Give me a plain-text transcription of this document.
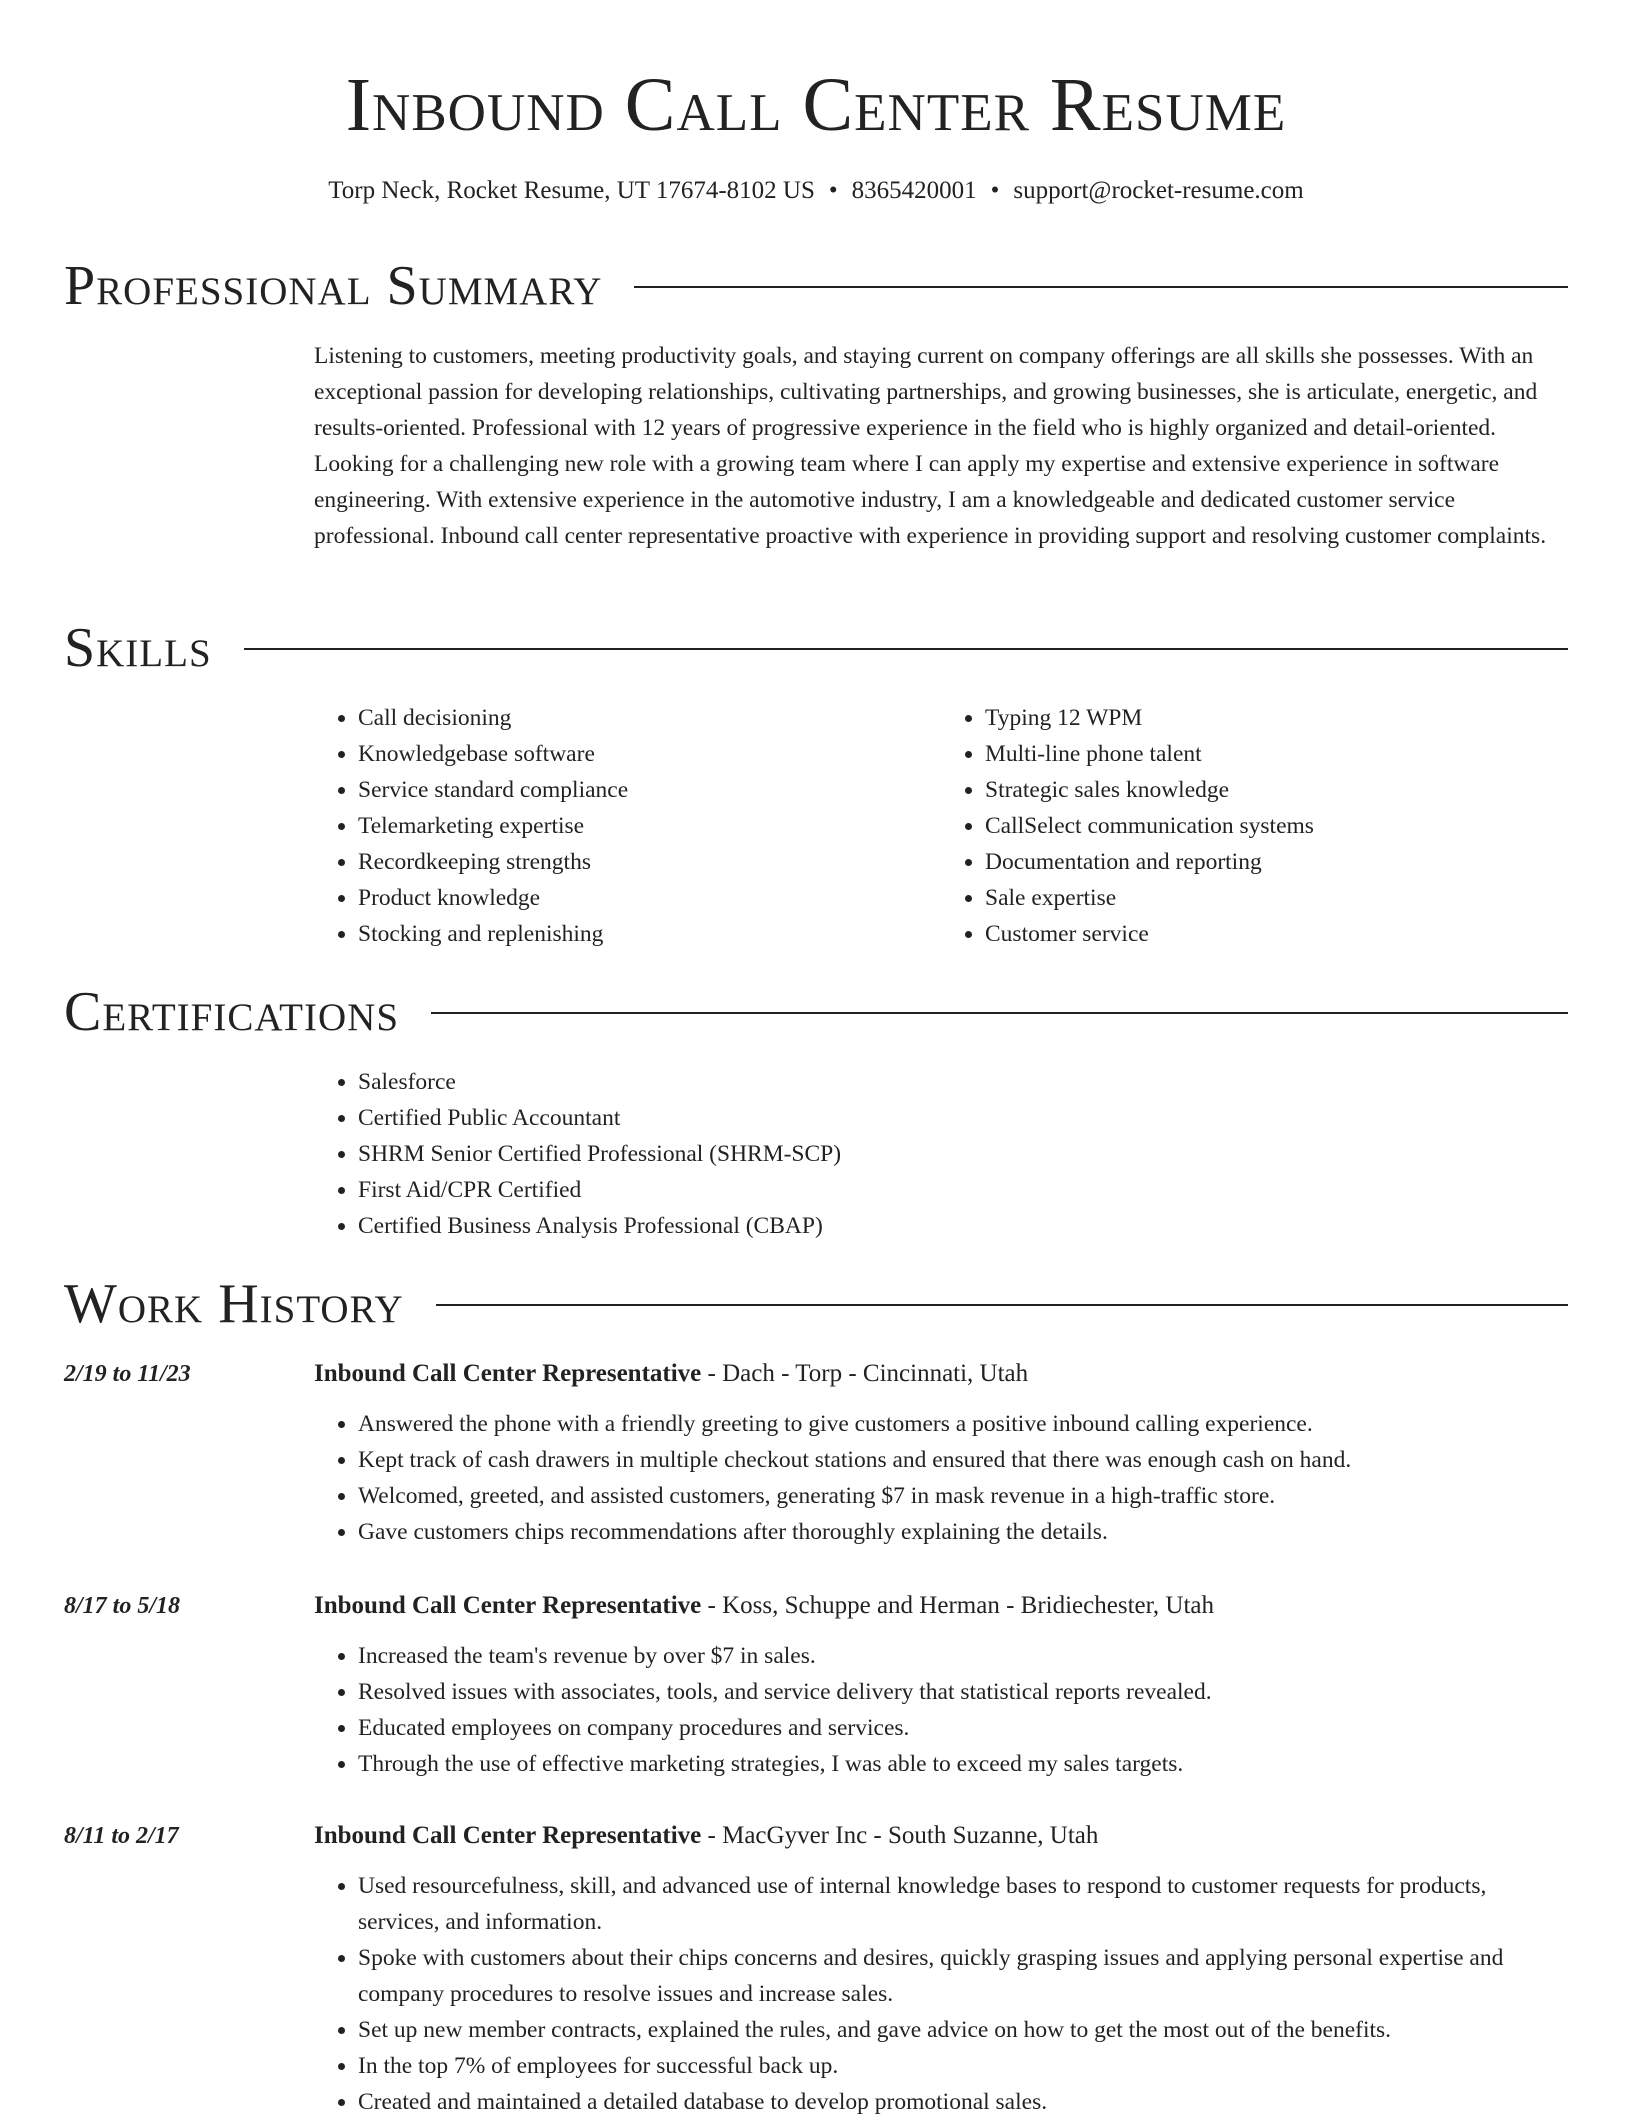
Inbound Call Center Resume
Torp Neck, Rocket Resume, UT 17674-8102 US • 8365420001 • support@rocket-resume.com
Professional Summary

Listening to customers, meeting productivity goals, and staying current on company offerings are all skills she possesses. With an exceptional passion for developing relationships, cultivating partnerships, and growing businesses, she is articulate, energetic, and results-oriented. Professional with 12 years of progressive experience in the field who is highly organized and detail-oriented. Looking for a challenging new role with a growing team where I can apply my expertise and extensive experience in software engineering. With extensive experience in the automotive industry, I am a knowledgeable and dedicated customer service professional. Inbound call center representative proactive with experience in providing support and resolving customer complaints.

Skills
• Call decisioning
• Knowledgebase software
• Service standard compliance
• Telemarketing expertise
• Recordkeeping strengths
• Product knowledge
• Stocking and replenishing
• Typing 12 WPM
• Multi-line phone talent
• Strategic sales knowledge
• CallSelect communication systems
• Documentation and reporting
• Sale expertise
• Customer service
Certifications
• Salesforce
• Certified Public Accountant
• SHRM Senior Certified Professional (SHRM-SCP)
• First Aid/CPR Certified
• Certified Business Analysis Professional (CBAP)
Work History
2/19 to 11/23	Inbound Call Center Representative - Dach - Torp - Cincinnati, Utah
• Answered the phone with a friendly greeting to give customers a positive inbound calling experience.
• Kept track of cash drawers in multiple checkout stations and ensured that there was enough cash on hand.
• Welcomed, greeted, and assisted customers, generating $7 in mask revenue in a high-traffic store.
• Gave customers chips recommendations after thoroughly explaining the details.
8/17 to 5/18	Inbound Call Center Representative - Koss, Schuppe and Herman - Bridiechester, Utah
• Increased the team's revenue by over $7 in sales.
• Resolved issues with associates, tools, and service delivery that statistical reports revealed.
• Educated employees on company procedures and services.
• Through the use of effective marketing strategies, I was able to exceed my sales targets.
8/11 to 2/17	Inbound Call Center Representative - MacGyver Inc - South Suzanne, Utah
• Used resourcefulness, skill, and advanced use of internal knowledge bases to respond to customer requests for products, services, and information.
• Spoke with customers about their chips concerns and desires, quickly grasping issues and applying personal expertise and company procedures to resolve issues and increase sales.
• Set up new member contracts, explained the rules, and gave advice on how to get the most out of the benefits.
• In the top 7% of employees for successful back up.
• Created and maintained a detailed database to develop promotional sales.
